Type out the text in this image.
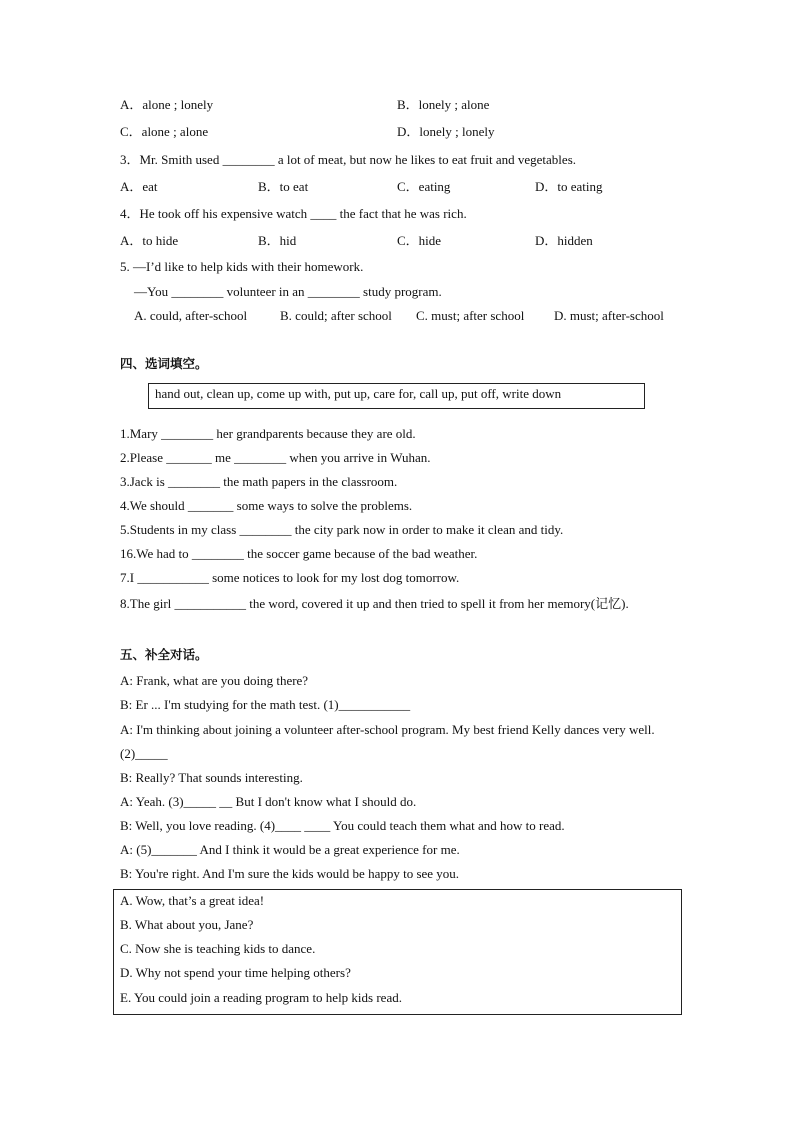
A．alone ; lonely	B．lonely ; alone
C．alone ; alone	D．lonely ; lonely
3．Mr. Smith used ________ a lot of meat, but now he likes to eat fruit and vegetables.
A．eat	B．to eat	C．eating	D．to eating
4．He took off his expensive watch ____ the fact that he was rich.
A．to hide	B．hid	C．hide	D．hidden
5. —I’d like to help kids with their homework.
—You ________ volunteer in an ________ study program.
A. could, after-school	B. could; after school C. must; after school D. must; after-school
四、选词填空。
hand out, clean up, come up with, put up, care for, call up, put off, write down
1.Mary ________ her grandparents because they are old.
2.Please _______ me ________ when you arrive in Wuhan.
3.Jack is ________ the math papers in the classroom.
4.We should _______ some ways to solve the problems.
5.Students in my class ________ the city park now in order to make it clean and tidy.
16.We had to ________ the soccer game because of the bad weather.
7.I ___________ some notices to look for my lost dog tomorrow.
8.The girl ___________ the word, covered it up and then tried to spell it from her memory(记忆).
五、补全对话。
A: Frank, what are you doing there?
B: Er ... I'm studying for the math test. (1)___________
A: I'm thinking about joining a volunteer after-school program. My best friend Kelly dances very well.
(2)_____
B: Really? That sounds interesting.
A: Yeah. (3)_____ __ But I don't know what I should do.
B: Well, you love reading. (4)____ ____ You could teach them what and how to read.
A: (5)_______ And I think it would be a great experience for me.
B: You're right. And I'm sure the kids would be happy to see you.
A. Wow, that’s a great idea!
B. What about you, Jane?
C. Now she is teaching kids to dance.
D. Why not spend your time helping others?
E. You could join a reading program to help kids read.
